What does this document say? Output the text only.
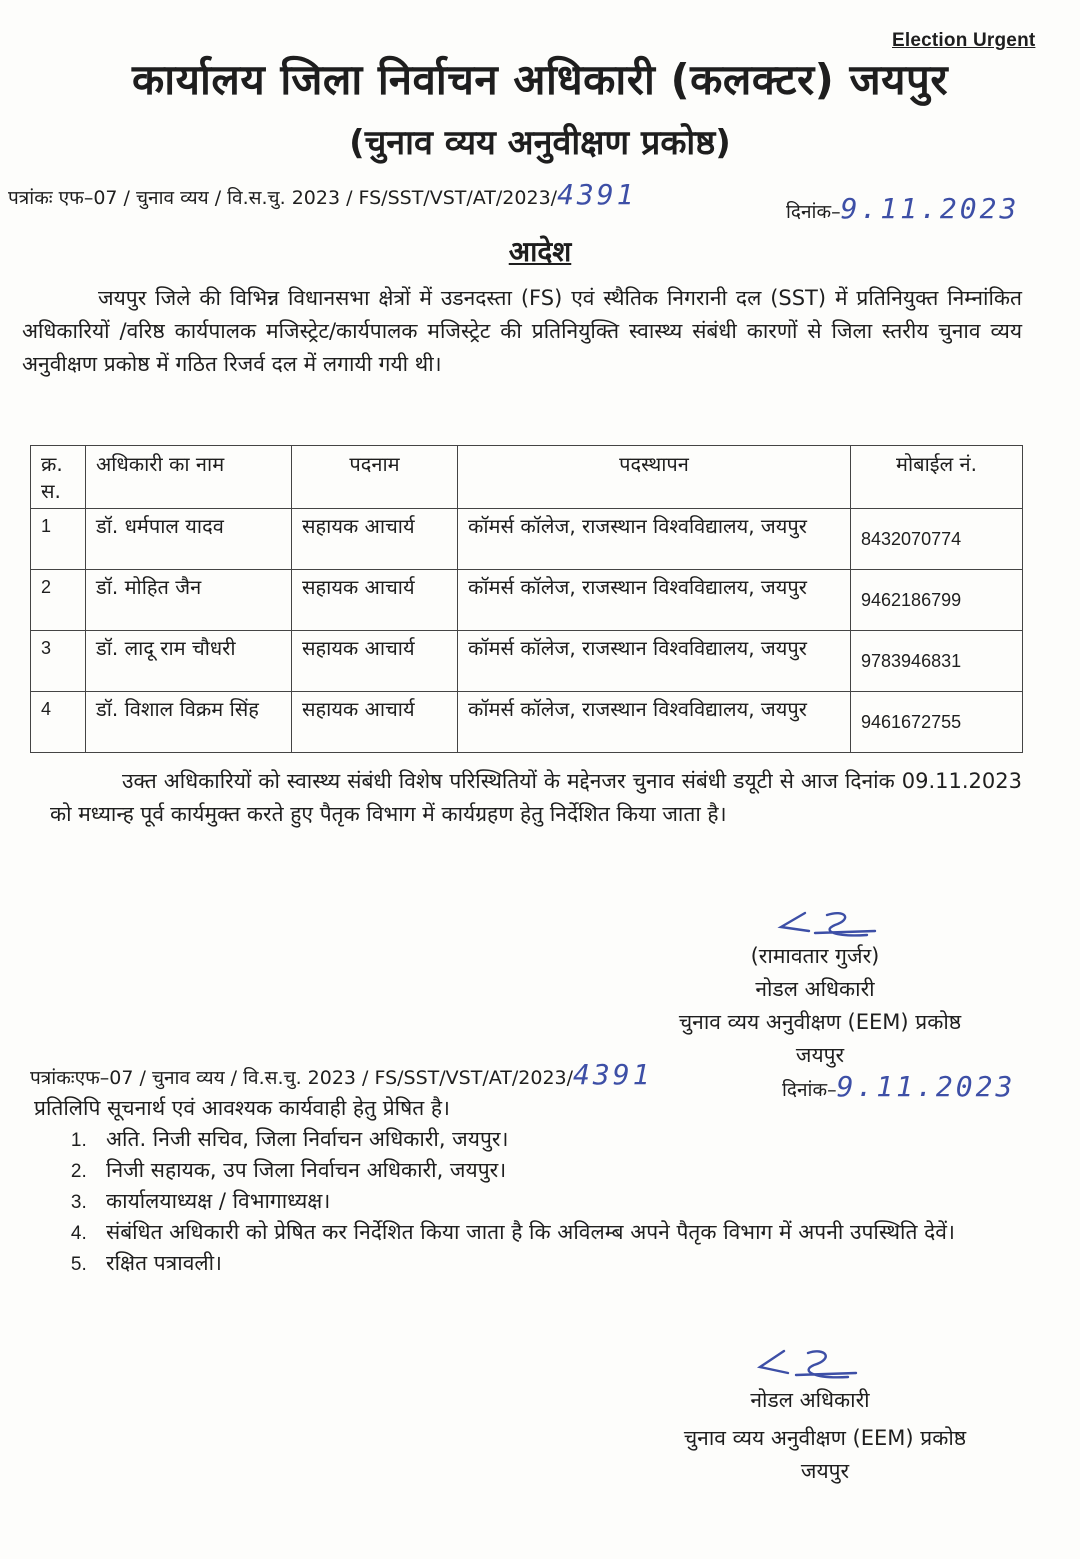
Election Urgent
कार्यालय जिला निर्वाचन अधिकारी (कलक्टर) जयपुर
(चुनाव व्यय अनुवीक्षण प्रकोष्ठ)
पत्रांकः एफ–07 / चुनाव व्यय / वि.स.चु. 2023 / FS/SST/VST/AT/2023/4391
दिनांक–9.11.2023
आदेश
जयपुर जिले की विभिन्न विधानसभा क्षेत्रों में उडनदस्ता (FS) एवं स्थैतिक निगरानी दल (SST) में प्रतिनियुक्त निम्नांकित अधिकारियों /वरिष्ठ कार्यपालक मजिस्ट्रेट/कार्यपालक मजिस्ट्रेट की प्रतिनियुक्ति स्वास्थ्य संबंधी कारणों से जिला स्तरीय चुनाव व्यय अनुवीक्षण प्रकोष्ठ में गठित रिजर्व दल में लगायी गयी थी।
क्र. स.	अधिकारी का नाम	पदनाम	पदस्थापन	मोबाईल नं.
1	डॉ. धर्मपाल यादव	सहायक आचार्य	कॉमर्स कॉलेज, राजस्थान विश्वविद्यालय, जयपुर	8432070774
2	डॉ. मोहित जैन	सहायक आचार्य	कॉमर्स कॉलेज, राजस्थान विश्वविद्यालय, जयपुर	9462186799
3	डॉ. लादू राम चौधरी	सहायक आचार्य	कॉमर्स कॉलेज, राजस्थान विश्वविद्यालय, जयपुर	9783946831
4	डॉ. विशाल विक्रम सिंह	सहायक आचार्य	कॉमर्स कॉलेज, राजस्थान विश्वविद्यालय, जयपुर	9461672755
उक्त अधिकारियों को स्वास्थ्य संबंधी विशेष परिस्थितियों के मद्देनजर चुनाव संबंधी डयूटी से आज दिनांक 09.11.2023 को मध्यान्ह पूर्व कार्यमुक्त करते हुए पैतृक विभाग में कार्यग्रहण हेतु निर्देशित किया जाता है।
(रामावतार गुर्जर)
नोडल अधिकारी
चुनाव व्यय अनुवीक्षण (EEM) प्रकोष्ठ
जयपुर
पत्रांकःएफ–07 / चुनाव व्यय / वि.स.चु. 2023 / FS/SST/VST/AT/2023/4391	दिनांक–9.11.2023
प्रतिलिपि सूचनार्थ एवं आवश्यक कार्यवाही हेतु प्रेषित है।
1. अति. निजी सचिव, जिला निर्वाचन अधिकारी, जयपुर।
2. निजी सहायक, उप जिला निर्वाचन अधिकारी, जयपुर।
3. कार्यालयाध्यक्ष / विभागाध्यक्ष।
4. संबंधित अधिकारी को प्रेषित कर निर्देशित किया जाता है कि अविलम्ब अपने पैतृक विभाग में अपनी उपस्थिति देवें।
5. रक्षित पत्रावली।
नोडल अधिकारी
चुनाव व्यय अनुवीक्षण (EEM) प्रकोष्ठ
जयपुर
